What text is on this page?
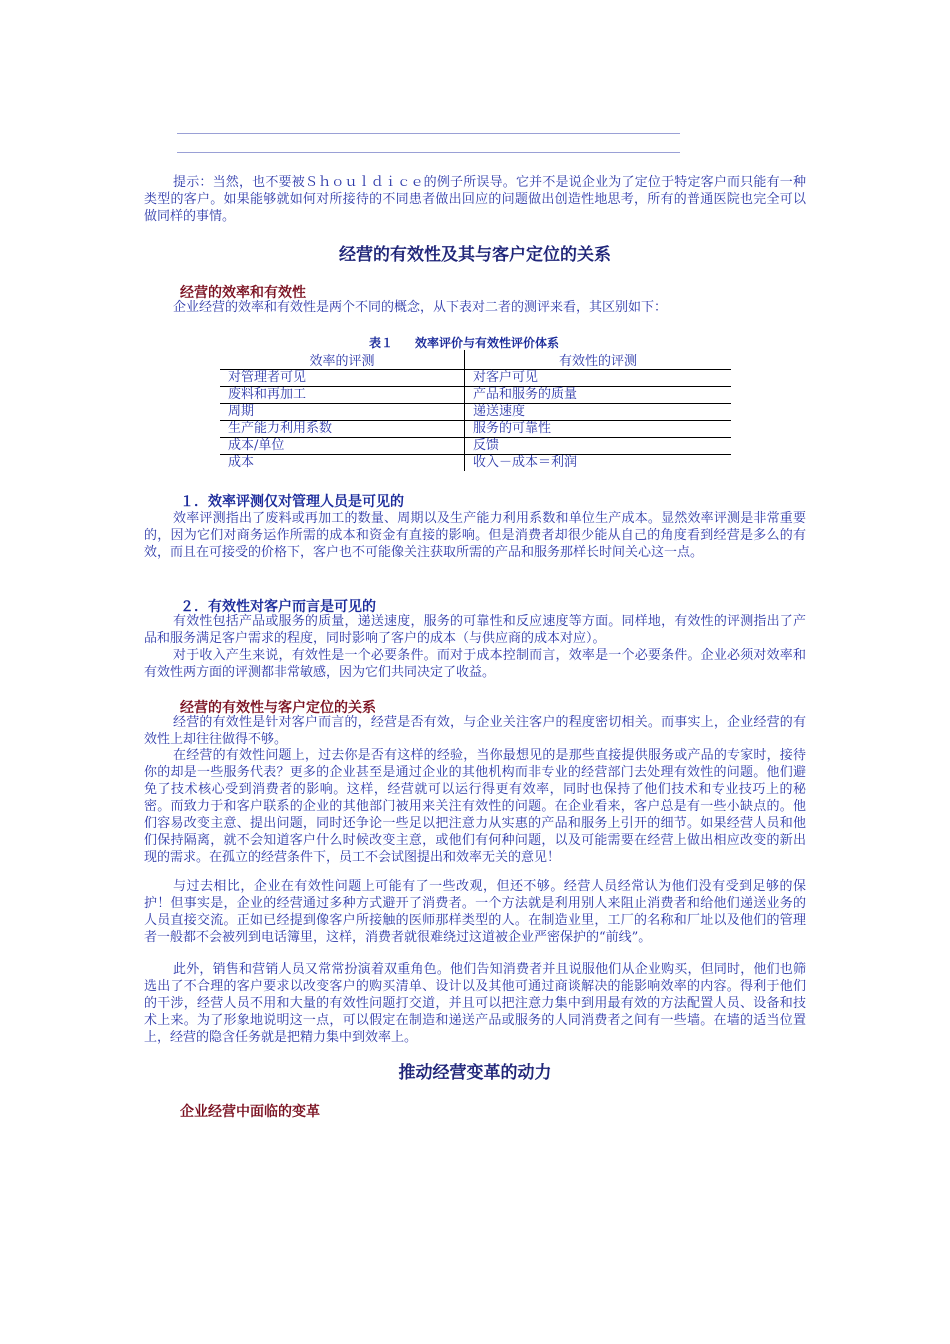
提示：当然，也不要被Ｓｈｏｕｌｄｉｃｅ的例子所误导。它并不是说企业为了定位于特定客户而只能有一种类型的客户。如果能够就如何对所接待的不同患者做出回应的问题做出创造性地思考，所有的普通医院也完全可以做同样的事情。

经营的有效性及其与客户定位的关系
经营的效率和有效性

企业经营的效率和有效性是两个不同的概念，从下表对二者的测评来看，其区别如下：

表１ 效率评价与有效性评价体系

效率的评测	有效性的评测
对管理者可见	对客户可见
废料和再加工	产品和服务的质量
周期	递送速度
生产能力利用系数	服务的可靠性
成本/单位	反馈
成本	收入－成本＝利润
１．效率评测仅对管理人员是可见的

效率评测指出了废料或再加工的数量、周期以及生产能力利用系数和单位生产成本。显然效率评测是非常重要的，因为它们对商务运作所需的成本和资金有直接的影响。但是消费者却很少能从自己的角度看到经营是多么的有效，而且在可接受的价格下，客户也不可能像关注获取所需的产品和服务那样长时间关心这一点。

２．有效性对客户而言是可见的

有效性包括产品或服务的质量，递送速度，服务的可靠性和反应速度等方面。同样地，有效性的评测指出了产品和服务满足客户需求的程度，同时影响了客户的成本（与供应商的成本对应）。

对于收入产生来说，有效性是一个必要条件。而对于成本控制而言，效率是一个必要条件。企业必须对效率和有效性两方面的评测都非常敏感，因为它们共同决定了收益。

经营的有效性与客户定位的关系

经营的有效性是针对客户而言的，经营是否有效，与企业关注客户的程度密切相关。而事实上，企业经营的有效性上却往往做得不够。

在经营的有效性问题上，过去你是否有这样的经验，当你最想见的是那些直接提供服务或产品的专家时，接待你的却是一些服务代表？更多的企业甚至是通过企业的其他机构而非专业的经营部门去处理有效性的问题。他们避免了技术核心受到消费者的影响。这样，经营就可以运行得更有效率，同时也保持了他们技术和专业技巧上的秘密。而致力于和客户联系的企业的其他部门被用来关注有效性的问题。在企业看来，客户总是有一些小缺点的。他们容易改变主意、提出问题，同时还争论一些足以把注意力从实惠的产品和服务上引开的细节。如果经营人员和他们保持隔离，就不会知道客户什么时候改变主意，或他们有何种问题，以及可能需要在经营上做出相应改变的新出现的需求。在孤立的经营条件下，员工不会试图提出和效率无关的意见！

与过去相比，企业在有效性问题上可能有了一些改观，但还不够。经营人员经常认为他们没有受到足够的保护！但事实是，企业的经营通过多种方式避开了消费者。一个方法就是利用别人来阻止消费者和给他们递送业务的人员直接交流。正如已经提到像客户所接触的医师那样类型的人。在制造业里，工厂的名称和厂址以及他们的管理者一般都不会被列到电话簿里，这样，消费者就很难绕过这道被企业严密保护的“前线”。

此外，销售和营销人员又常常扮演着双重角色。他们告知消费者并且说服他们从企业购买，但同时，他们也筛选出了不合理的客户要求以改变客户的购买清单、设计以及其他可通过商谈解决的能影响效率的内容。得利于他们的干涉，经营人员不用和大量的有效性问题打交道，并且可以把注意力集中到用最有效的方法配置人员、设备和技术上来。为了形象地说明这一点，可以假定在制造和递送产品或服务的人同消费者之间有一些墙。在墙的适当位置上，经营的隐含任务就是把精力集中到效率上。

推动经营变革的动力
企业经营中面临的变革
